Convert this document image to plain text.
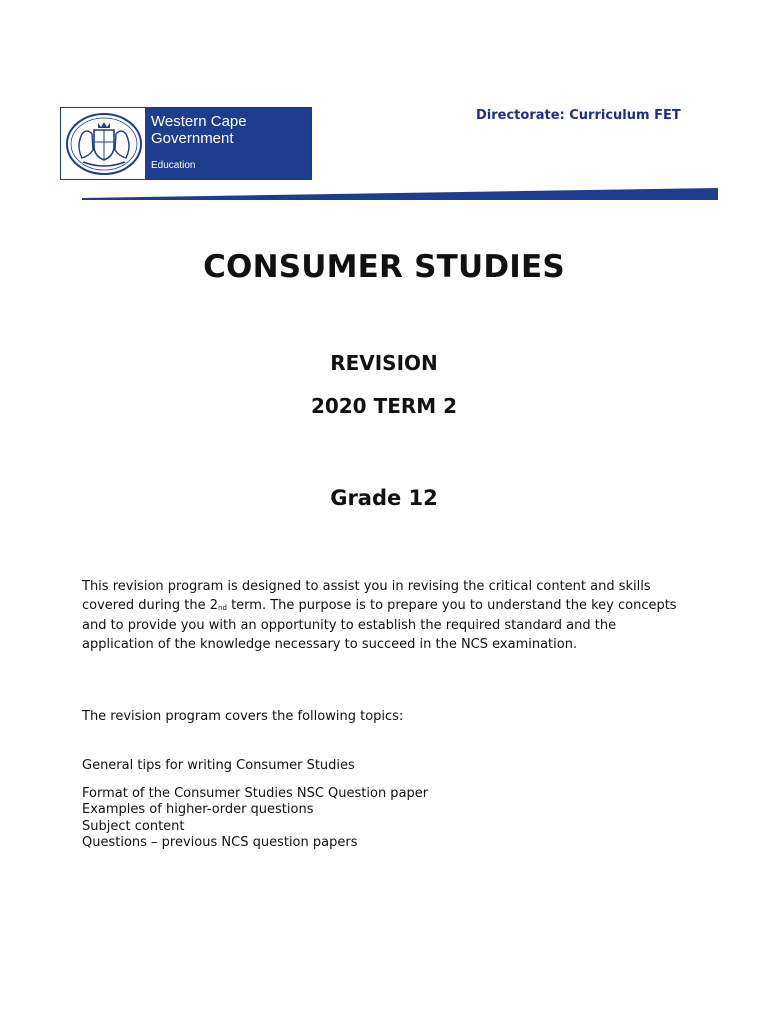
Western Cape
Government
Education
Directorate: Curriculum FET
CONSUMER STUDIES
REVISION
2020 TERM 2
Grade 12
This revision program is designed to assist you in revising the critical content and skills covered during the $2_{nd}$ term. The purpose is to prepare you to understand the key concepts and to provide you with an opportunity to establish the required standard and the application of the knowledge necessary to succeed in the NCS examination.
The revision program covers the following topics:
General tips for writing Consumer Studies
Format of the Consumer Studies NSC Question paper
Examples of higher-order questions
Subject content
Questions – previous NCS question papers
